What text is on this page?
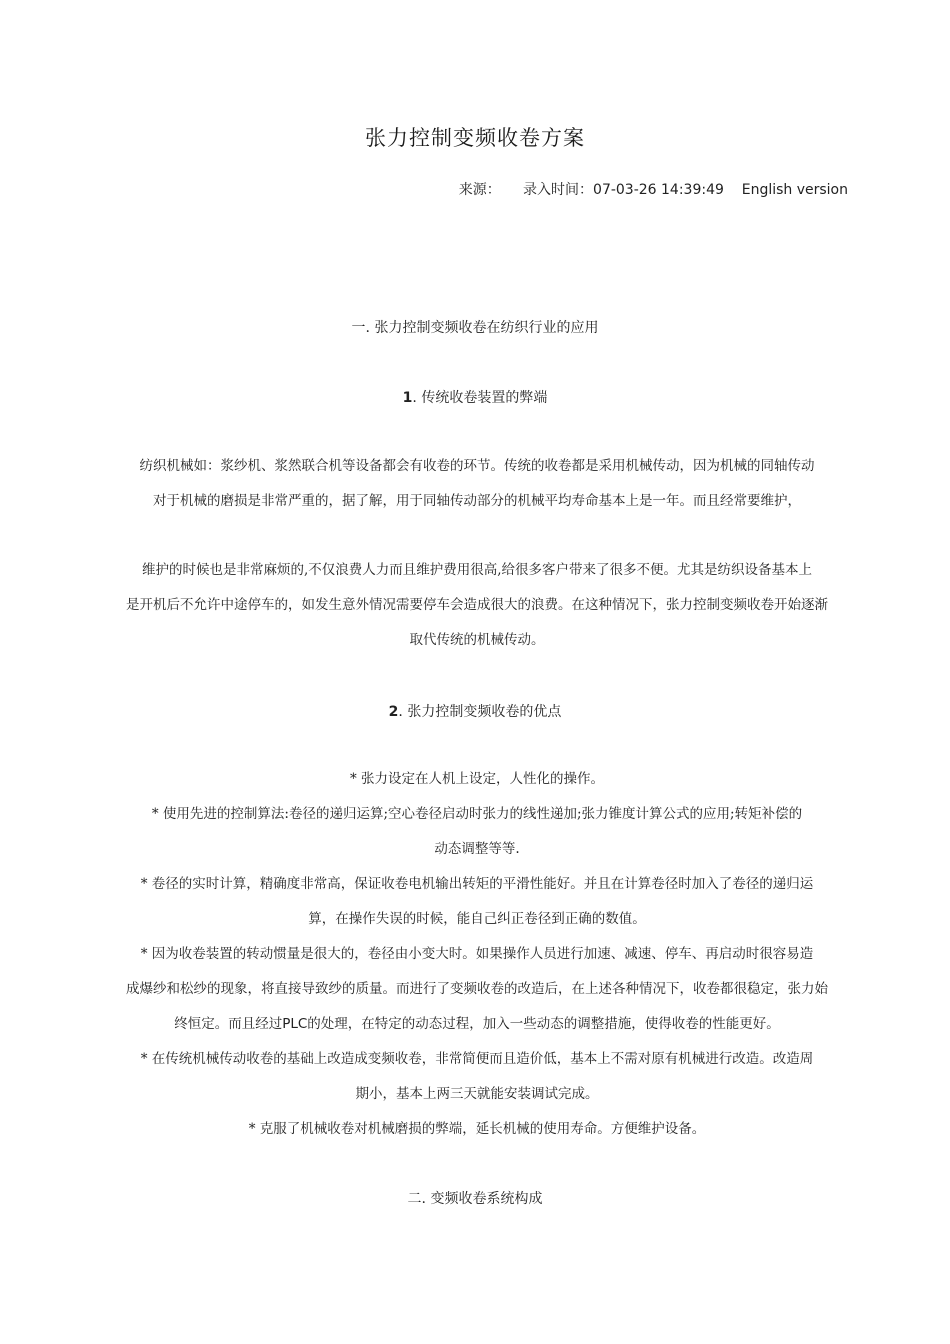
张力控制变频收卷方案
来源： 录入时间：07-03-26 14:39:49 English version
一. 张力控制变频收卷在纺织行业的应用
1. 传统收卷装置的弊端
纺织机械如：浆纱机、浆然联合机等设备都会有收卷的环节。传统的收卷都是采用机械传动，因为机械的同轴传动
对于机械的磨损是非常严重的，据了解，用于同轴传动部分的机械平均寿命基本上是一年。而且经常要维护，
维护的时候也是非常麻烦的,不仅浪费人力而且维护费用很高,给很多客户带来了很多不便。尤其是纺织设备基本上
是开机后不允许中途停车的，如发生意外情况需要停车会造成很大的浪费。在这种情况下，张力控制变频收卷开始逐渐
取代传统的机械传动。
2. 张力控制变频收卷的优点
* 张力设定在人机上设定，人性化的操作。
* 使用先进的控制算法:卷径的递归运算;空心卷径启动时张力的线性递加;张力锥度计算公式的应用;转矩补偿的
动态调整等等.
* 卷径的实时计算，精确度非常高，保证收卷电机输出转矩的平滑性能好。并且在计算卷径时加入了卷径的递归运
算，在操作失误的时候，能自己纠正卷径到正确的数值。
* 因为收卷装置的转动惯量是很大的，卷径由小变大时。如果操作人员进行加速、减速、停车、再启动时很容易造
成爆纱和松纱的现象，将直接导致纱的质量。而进行了变频收卷的改造后，在上述各种情况下，收卷都很稳定，张力始
终恒定。而且经过PLC的处理，在特定的动态过程，加入一些动态的调整措施，使得收卷的性能更好。
* 在传统机械传动收卷的基础上改造成变频收卷，非常简便而且造价低，基本上不需对原有机械进行改造。改造周
期小，基本上两三天就能安装调试完成。
* 克服了机械收卷对机械磨损的弊端，延长机械的使用寿命。方便维护设备。
二. 变频收卷系统构成
